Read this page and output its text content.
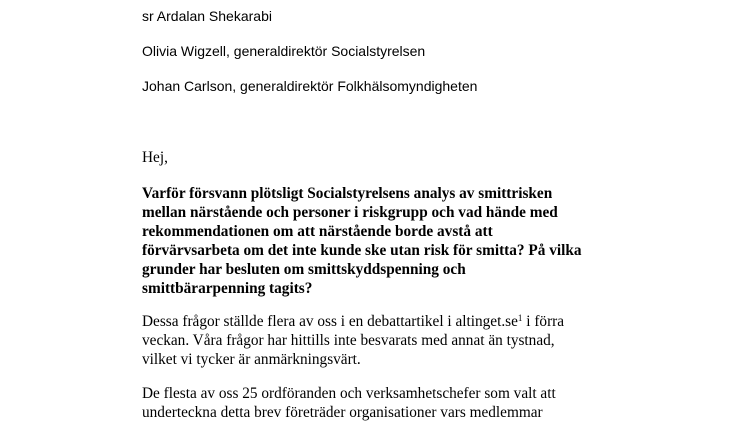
sr Ardalan Shekarabi
Olivia Wigzell, generaldirektör Socialstyrelsen
Johan Carlson, generaldirektör Folkhälsomyndigheten
Hej,
Varför försvann plötsligt Socialstyrelsens analys av smittrisken
mellan närstående och personer i riskgrupp och vad hände med
rekommendationen om att närstående borde avstå att
förvärvsarbeta om det inte kunde ske utan risk för smitta? På vilka
grunder har besluten om smittskyddspenning och
smittbärarpenning tagits?
Dessa frågor ställde flera av oss i en debattartikel i $altinget.se^1$ i förra
veckan. Våra frågor har hittills inte besvarats med annat än tystnad,
vilket vi tycker är anmärkningsvärt.
De flesta av oss 25 ordföranden och verksamhetschefer som valt att
underteckna detta brev företräder organisationer vars medlemmar
